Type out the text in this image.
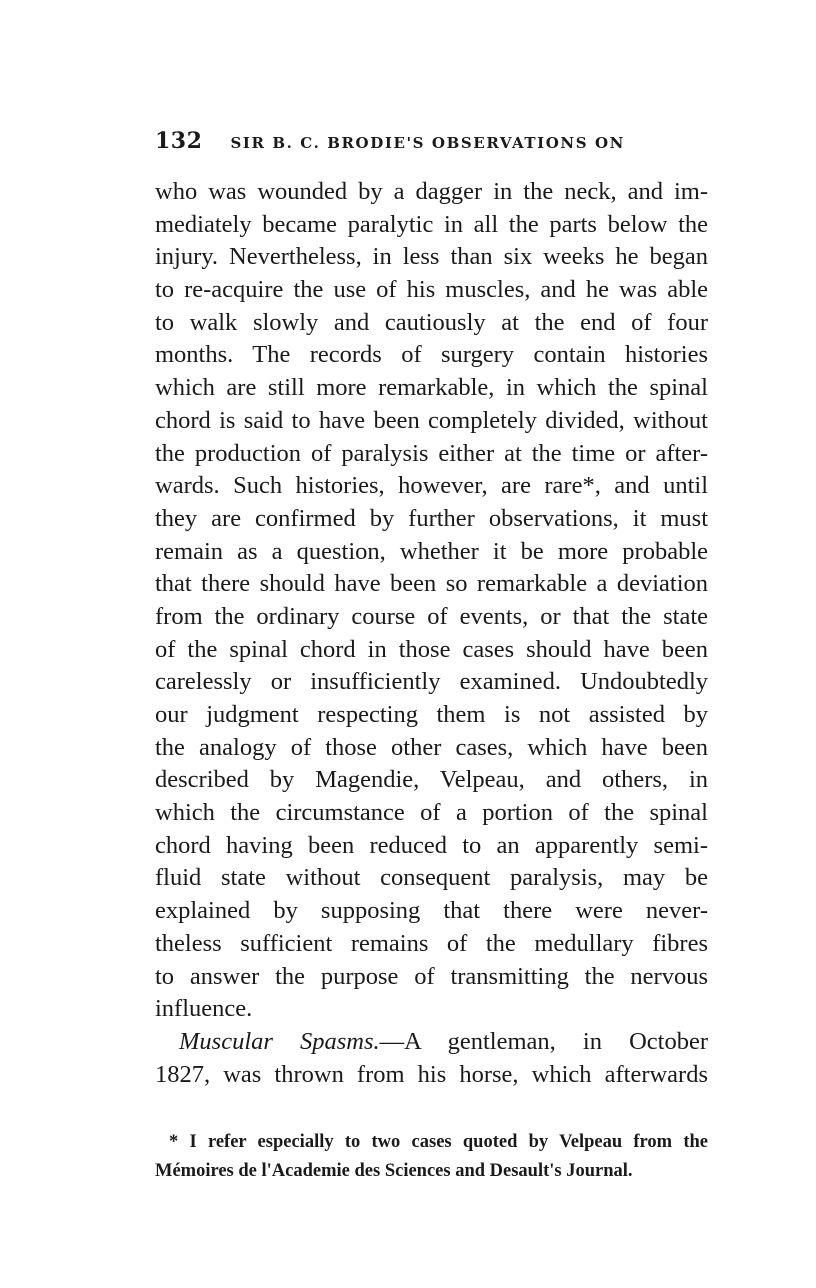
132 SIR B. C. BRODIE'S OBSERVATIONS ON
who was wounded by a dagger in the neck, and im-
mediately became paralytic in all the parts below the
injury. Nevertheless, in less than six weeks he began
to re-acquire the use of his muscles, and he was able
to walk slowly and cautiously at the end of four
months. The records of surgery contain histories
which are still more remarkable, in which the spinal
chord is said to have been completely divided, without
the production of paralysis either at the time or after-
wards. Such histories, however, are rare*, and until
they are confirmed by further observations, it must
remain as a question, whether it be more probable
that there should have been so remarkable a deviation
from the ordinary course of events, or that the state
of the spinal chord in those cases should have been
carelessly or insufficiently examined. Undoubtedly
our judgment respecting them is not assisted by
the analogy of those other cases, which have been
described by Magendie, Velpeau, and others, in
which the circumstance of a portion of the spinal
chord having been reduced to an apparently semi-
fluid state without consequent paralysis, may be
explained by supposing that there were never-
theless sufficient remains of the medullary fibres
to answer the purpose of transmitting the nervous
influence.
Muscular Spasms.—A gentleman, in October
1827, was thrown from his horse, which afterwards
* I refer especially to two cases quoted by Velpeau from the
Mémoires de l'Academie des Sciences and Desault's Journal.
